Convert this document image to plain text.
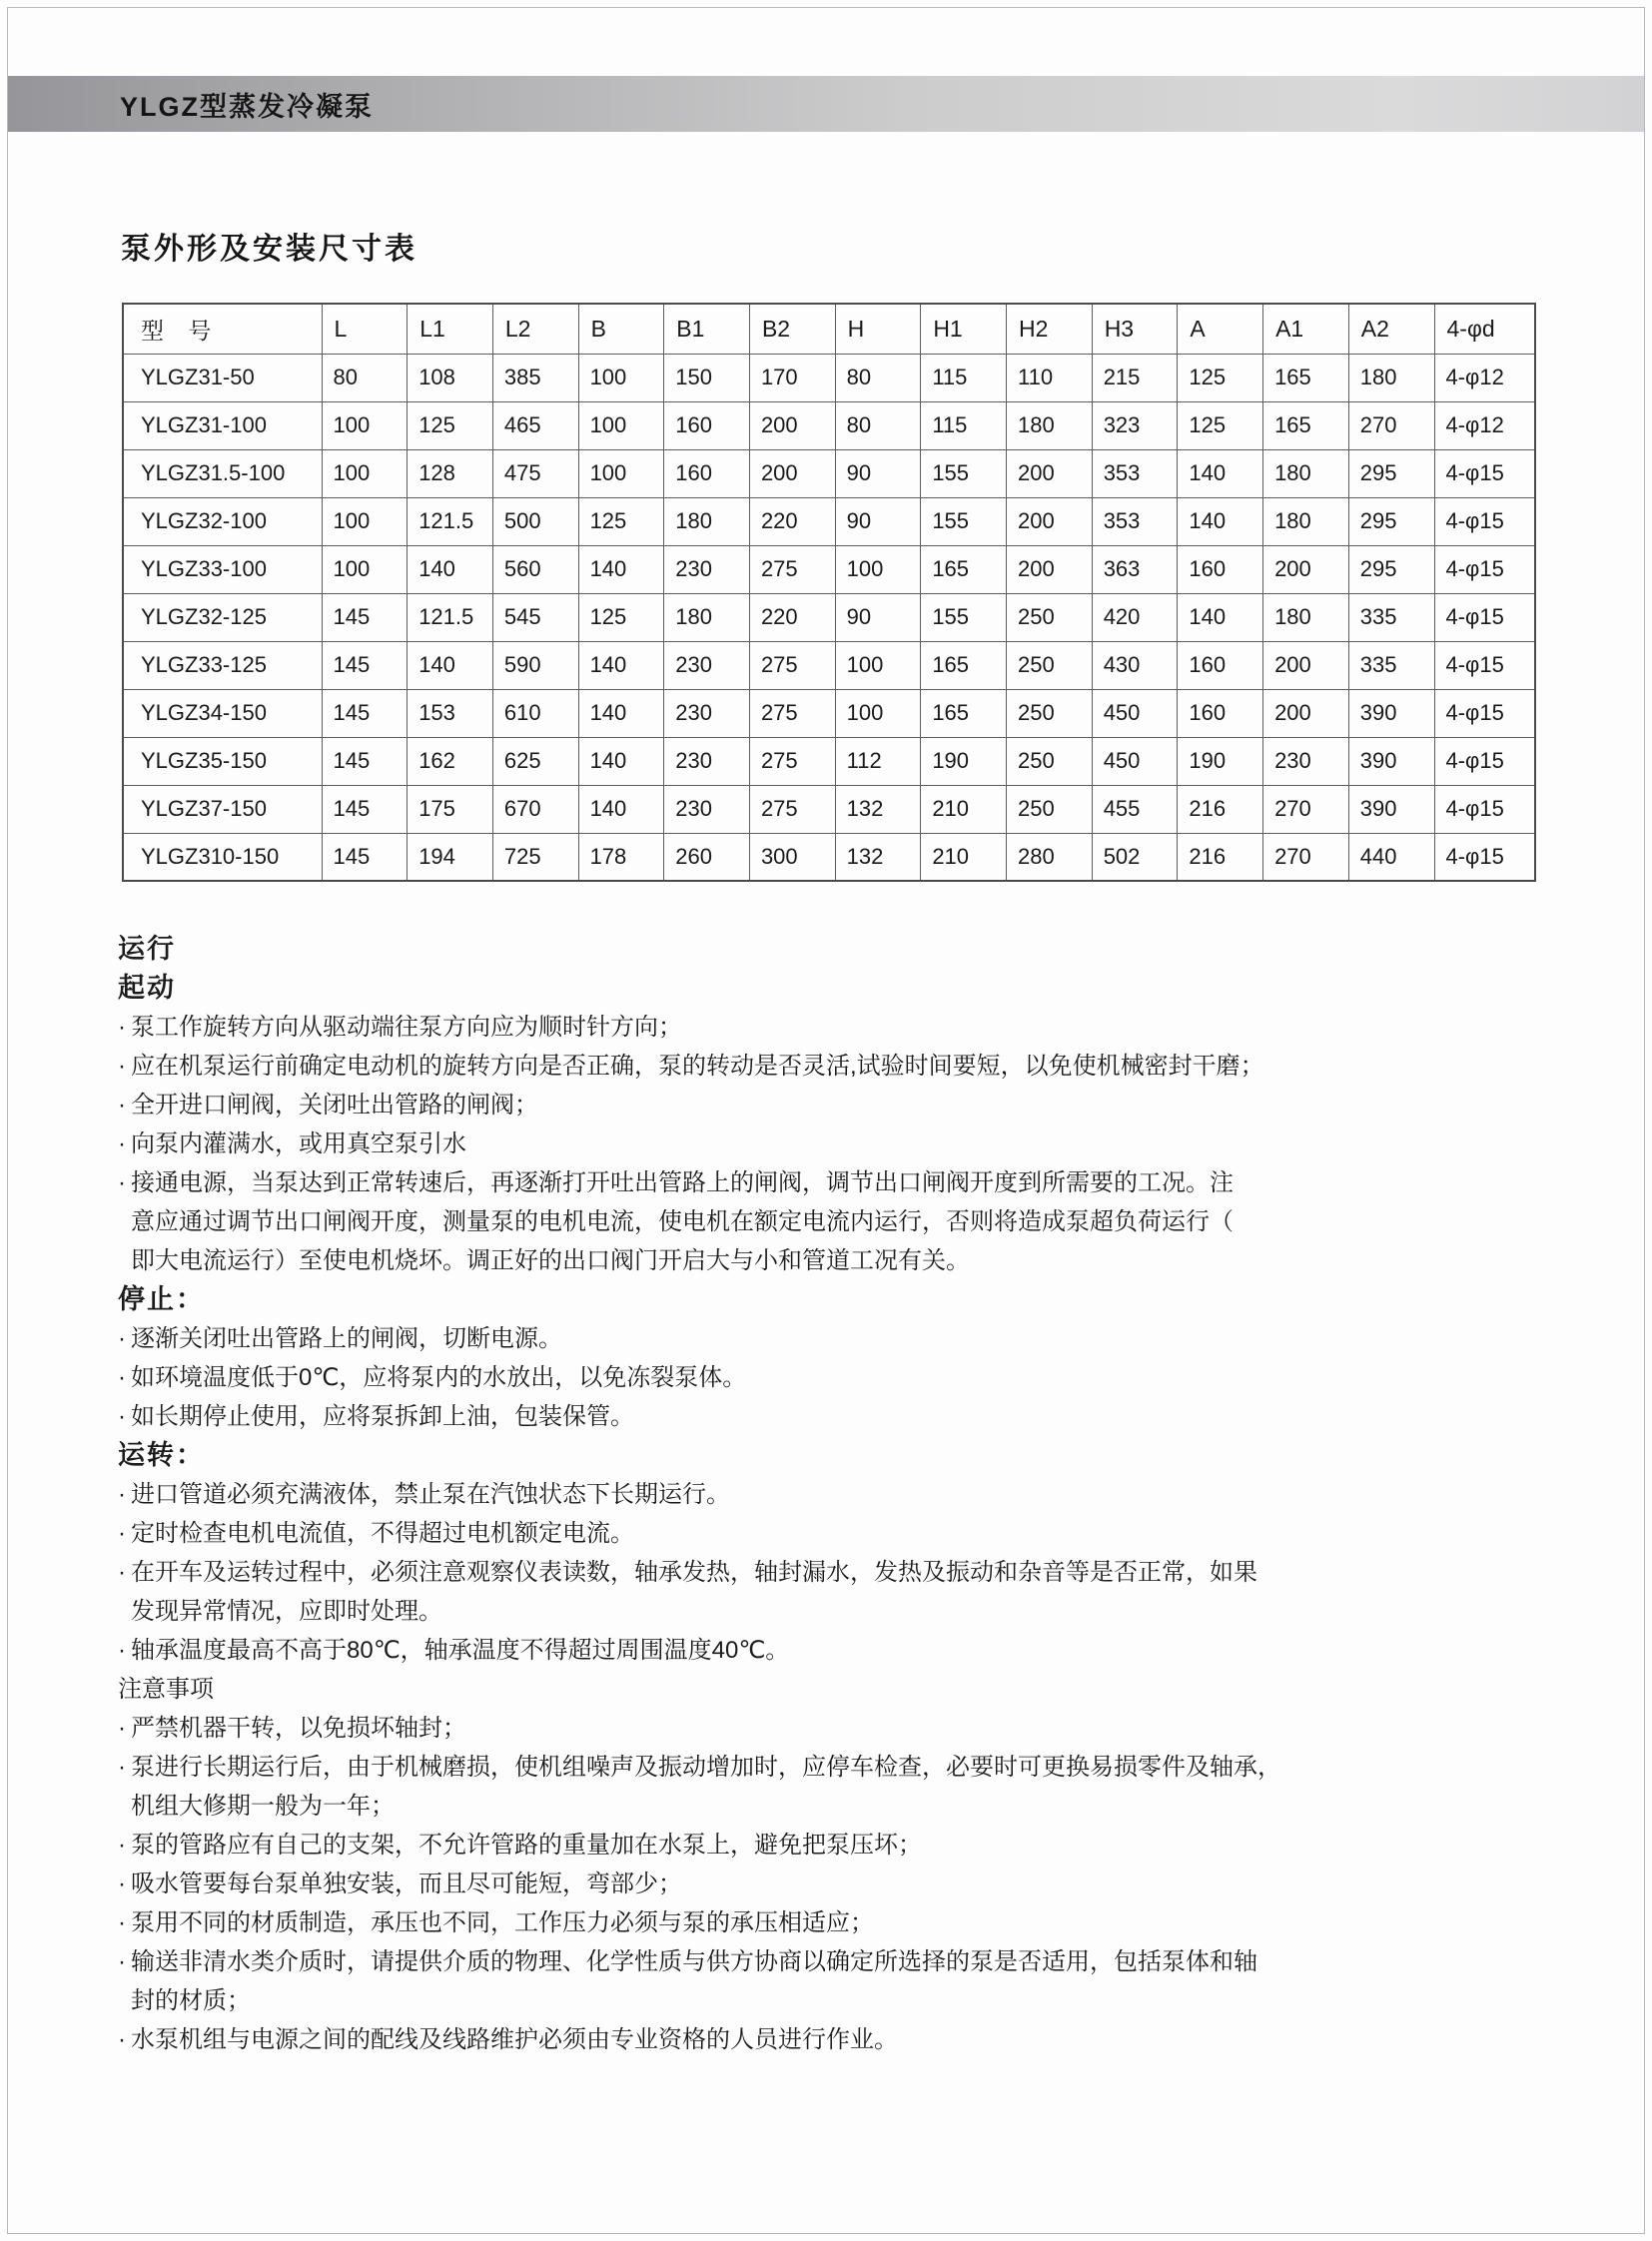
YLGZ型蒸发冷凝泵
泵外形及安装尺寸表
型 号	L	L1	L2	B	B1	B2	H	H1	H2	H3	A	A1	A2	4-φd
YLGZ31-50	80	108	385	100	150	170	80	115	110	215	125	165	180	4-φ12
YLGZ31-100	100	125	465	100	160	200	80	115	180	323	125	165	270	4-φ12
YLGZ31.5-100	100	128	475	100	160	200	90	155	200	353	140	180	295	4-φ15
YLGZ32-100	100	121.5	500	125	180	220	90	155	200	353	140	180	295	4-φ15
YLGZ33-100	100	140	560	140	230	275	100	165	200	363	160	200	295	4-φ15
YLGZ32-125	145	121.5	545	125	180	220	90	155	250	420	140	180	335	4-φ15
YLGZ33-125	145	140	590	140	230	275	100	165	250	430	160	200	335	4-φ15
YLGZ34-150	145	153	610	140	230	275	100	165	250	450	160	200	390	4-φ15
YLGZ35-150	145	162	625	140	230	275	112	190	250	450	190	230	390	4-φ15
YLGZ37-150	145	175	670	140	230	275	132	210	250	455	216	270	390	4-φ15
YLGZ310-150	145	194	725	178	260	300	132	210	280	502	216	270	440	4-φ15
运行
起动
· 泵工作旋转方向从驱动端往泵方向应为顺时针方向；
· 应在机泵运行前确定电动机的旋转方向是否正确，泵的转动是否灵活,试验时间要短，以免使机械密封干磨；
· 全开进口闸阀，关闭吐出管路的闸阀；
· 向泵内灌满水，或用真空泵引水
· 接通电源，当泵达到正常转速后，再逐渐打开吐出管路上的闸阀，调节出口闸阀开度到所需要的工况。注
意应通过调节出口闸阀开度，测量泵的电机电流，使电机在额定电流内运行，否则将造成泵超负荷运行（
即大电流运行）至使电机烧坏。调正好的出口阀门开启大与小和管道工况有关。
停止：
· 逐渐关闭吐出管路上的闸阀，切断电源。
· 如环境温度低于0℃，应将泵内的水放出，以免冻裂泵体。
· 如长期停止使用，应将泵拆卸上油，包装保管。
运转：
· 进口管道必须充满液体，禁止泵在汽蚀状态下长期运行。
· 定时检查电机电流值，不得超过电机额定电流。
· 在开车及运转过程中，必须注意观察仪表读数，轴承发热，轴封漏水，发热及振动和杂音等是否正常，如果
发现异常情况，应即时处理。
· 轴承温度最高不高于80℃，轴承温度不得超过周围温度40℃。
注意事项
· 严禁机器干转，以免损坏轴封；
· 泵进行长期运行后，由于机械磨损，使机组噪声及振动增加时，应停车检查，必要时可更换易损零件及轴承，
机组大修期一般为一年；
· 泵的管路应有自己的支架，不允许管路的重量加在水泵上，避免把泵压坏；
· 吸水管要每台泵单独安装，而且尽可能短，弯部少；
· 泵用不同的材质制造，承压也不同，工作压力必须与泵的承压相适应；
· 输送非清水类介质时，请提供介质的物理、化学性质与供方协商以确定所选择的泵是否适用，包括泵体和轴
封的材质；
· 水泵机组与电源之间的配线及线路维护必须由专业资格的人员进行作业。
